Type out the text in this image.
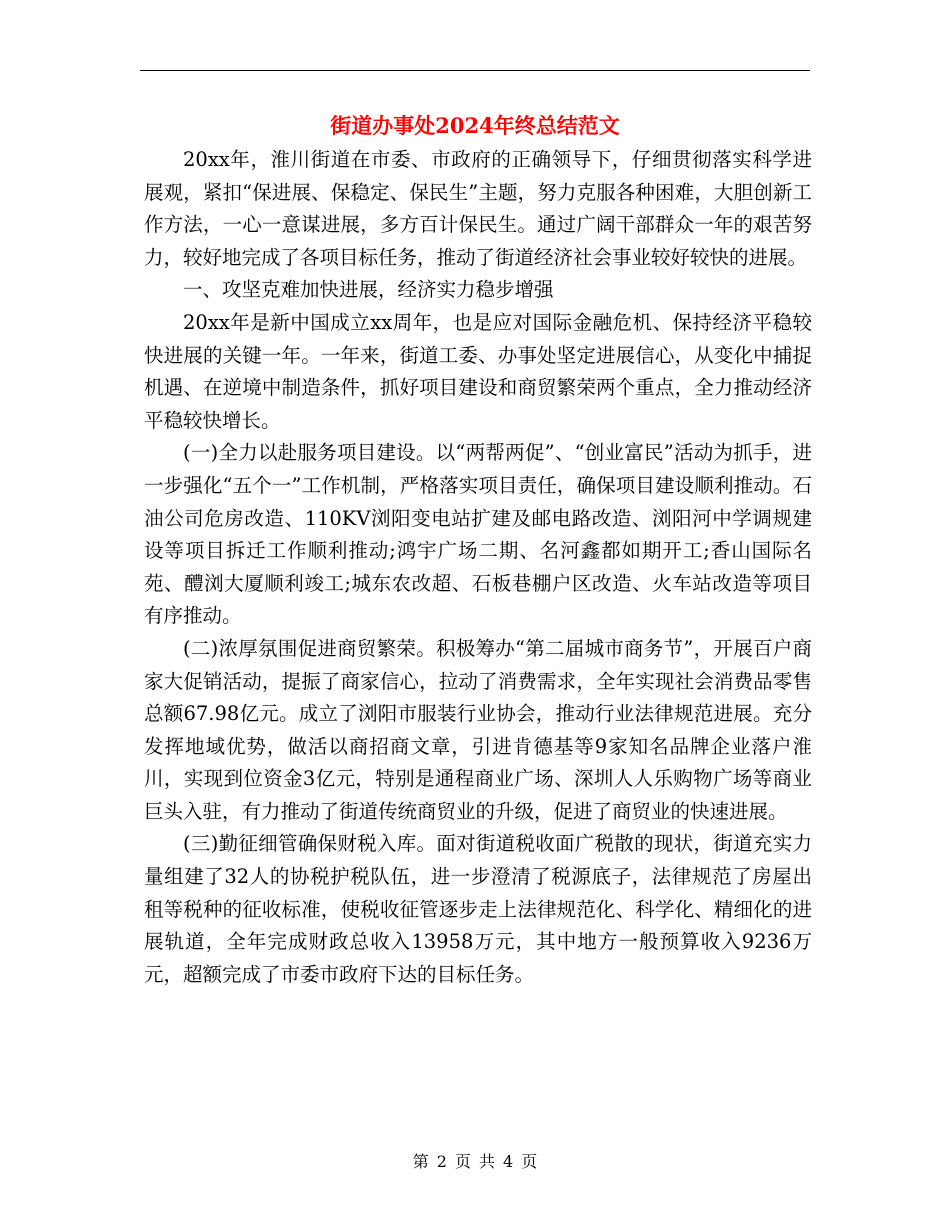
街道办事处2024年终总结范文

20xx年，淮川街道在市委、市政府的正确领导下，仔细贯彻落实科学进展观，紧扣“保进展、保稳定、保民生”主题，努力克服各种困难，大胆创新工作方法，一心一意谋进展，多方百计保民生。通过广阔干部群众一年的艰苦努力，较好地完成了各项目标任务，推动了街道经济社会事业较好较快的进展。

一、攻坚克难加快进展，经济实力稳步增强

20xx年是新中国成立xx周年，也是应对国际金融危机、保持经济平稳较快进展的关键一年。一年来，街道工委、办事处坚定进展信心，从变化中捕捉机遇、在逆境中制造条件，抓好项目建设和商贸繁荣两个重点，全力推动经济平稳较快增长。

(一)全力以赴服务项目建设。以“两帮两促”、“创业富民”活动为抓手，进一步强化“五个一”工作机制，严格落实项目责任，确保项目建设顺利推动。石油公司危房改造、110KV浏阳变电站扩建及邮电路改造、浏阳河中学调规建设等项目拆迁工作顺利推动;鸿宇广场二期、名河鑫都如期开工;香山国际名苑、醴浏大厦顺利竣工;城东农改超、石板巷棚户区改造、火车站改造等项目有序推动。

(二)浓厚氛围促进商贸繁荣。积极筹办“第二届城市商务节”，开展百户商家大促销活动，提振了商家信心，拉动了消费需求，全年实现社会消费品零售总额67.98亿元。成立了浏阳市服装行业协会，推动行业法律规范进展。充分发挥地域优势，做活以商招商文章，引进肯德基等9家知名品牌企业落户淮川，实现到位资金3亿元，特别是通程商业广场、深圳人人乐购物广场等商业巨头入驻，有力推动了街道传统商贸业的升级，促进了商贸业的快速进展。

(三)勤征细管确保财税入库。面对街道税收面广税散的现状，街道充实力量组建了32人的协税护税队伍，进一步澄清了税源底子，法律规范了房屋出租等税种的征收标准，使税收征管逐步走上法律规范化、科学化、精细化的进展轨道，全年完成财政总收入13958万元，其中地方一般预算收入9236万元，超额完成了市委市政府下达的目标任务。

第 2 页 共 4 页
